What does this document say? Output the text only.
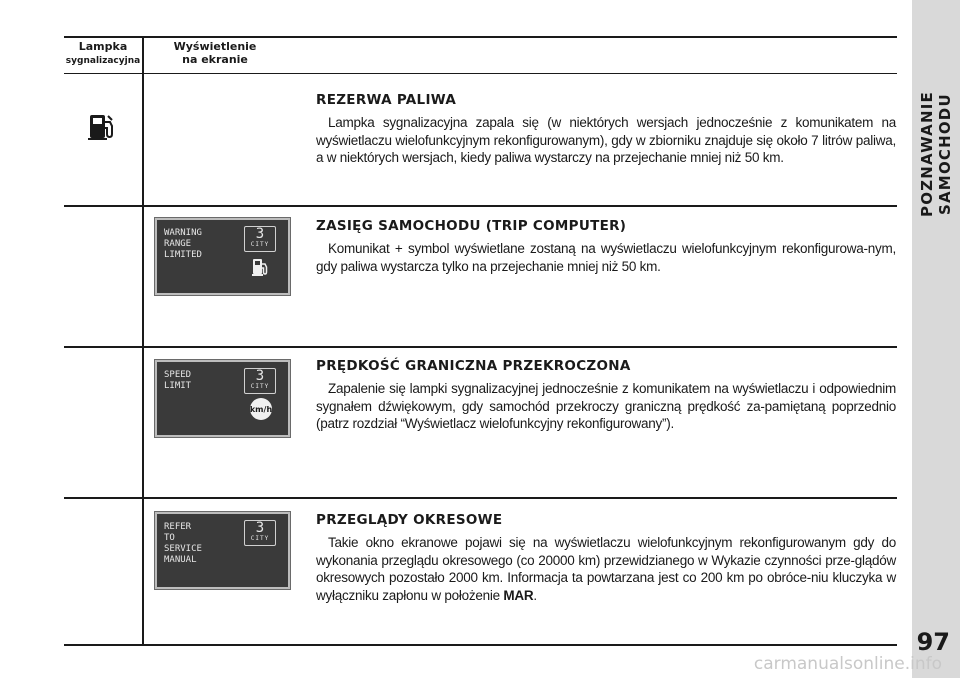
POZNAWANIE SAMOCHODU
97
Lampka
sygnalizacyjna
Wyświetlenie
na ekranie
REZERWA PALIWA

Lampka sygnalizacyjna zapala się (w niektórych wersjach jednocześnie z komunikatem na wyświetlaczu wielofunkcyjnym rekonfigurowanym), gdy w zbiorniku znajduje się około 7 litrów paliwa, a w niektórych wersjach, kiedy paliwa wystarczy na przejechanie mniej niż 50 km.

WARNING
RANGE
LIMITED
3
CITY
ZASIĘG SAMOCHODU (TRIP COMPUTER)

Komunikat + symbol wyświetlane zostaną na wyświetlaczu wielofunkcyjnym rekonfigurowa-nym, gdy paliwa wystarcza tylko na przejechanie mniej niż 50 km.

SPEED
LIMIT
3
CITY
km/h
PRĘDKOŚĆ GRANICZNA PRZEKROCZONA

Zapalenie się lampki sygnalizacyjnej jednocześnie z komunikatem na wyświetlaczu i odpowiednim sygnałem dźwiękowym, gdy samochód przekroczy graniczną prędkość za-pamiętaną poprzednio (patrz rozdział “Wyświetlacz wielofunkcyjny rekonfigurowany”).

REFER
TO
SERVICE
MANUAL
3
CITY
PRZEGLĄDY OKRESOWE

Takie okno ekranowe pojawi się na wyświetlaczu wielofunkcyjnym rekonfigurowanym gdy do wykonania przeglądu okresowego (co 20000 km) przewidzianego w Wykazie czynności prze-glądów okresowych pozostało 2000 km. Informacja ta powtarzana jest co 200 km po obróce-niu kluczyka w wyłączniku zapłonu w położenie MAR.

carmanualsonline.info
